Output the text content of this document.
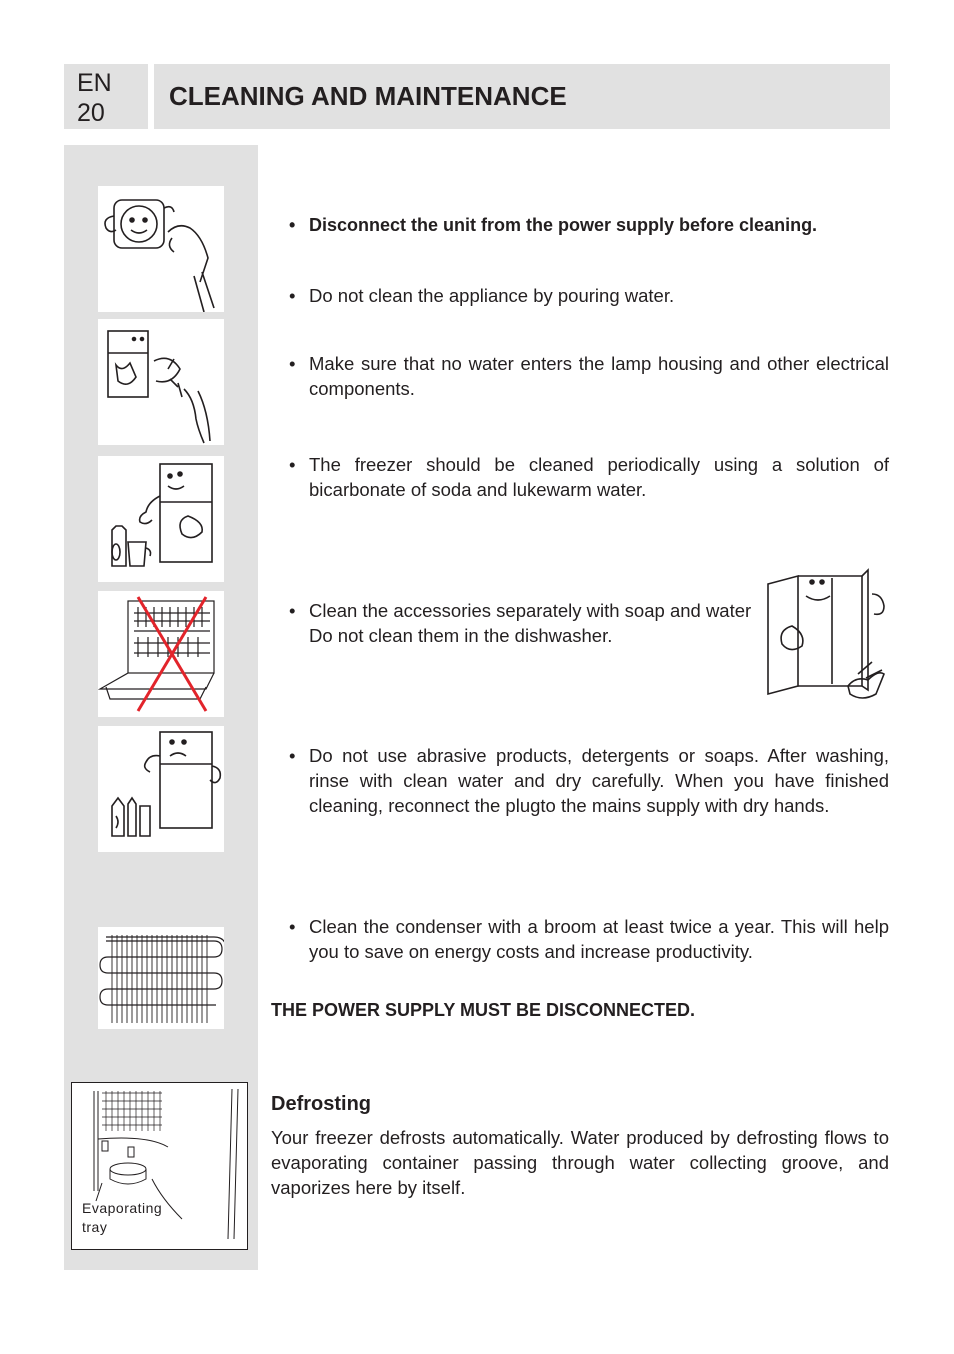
EN
20
CLEANING AND MAINTENANCE
Evaporating
tray
• Disconnect the unit from the power supply before cleaning.
• Do not clean the appliance by pouring water.
• Make sure that no water enters the lamp housing and other electrical components.
• The freezer should be cleaned periodically using a solution of bicarbonate of soda and lukewarm water.
• Clean the accessories separately with soap and water Do not clean them in the dishwasher.
• Do not use abrasive products, detergents or soaps. After washing, rinse with clean water and dry carefully. When you have finished cleaning, reconnect the plugto the mains supply with dry hands.
• Clean the condenser with a broom at least twice a year. This will help you to save on energy costs and increase productivity.
THE POWER SUPPLY MUST BE DISCONNECTED.
Defrosting
Your freezer defrosts automatically. Water produced by defrosting flows to evaporating container passing through water collecting groove, and vaporizes here by itself.
